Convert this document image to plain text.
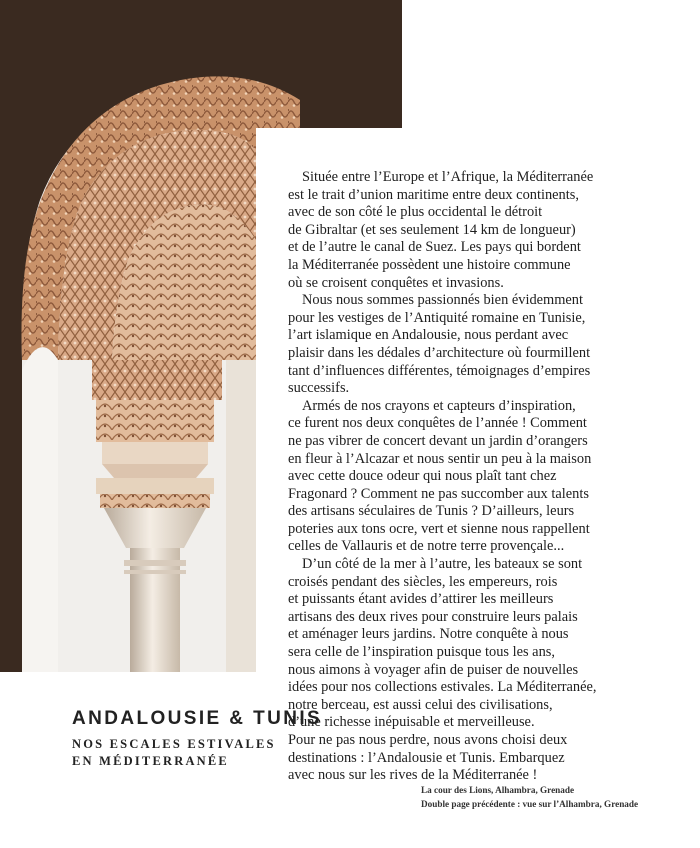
Située entre l’Europe et l’Afrique, la Méditerranée
est le trait d’union maritime entre deux continents,
avec de son côté le plus occidental le détroit
de Gibraltar (et ses seulement 14 km de longueur)
et de l’autre le canal de Suez. Les pays qui bordent
la Méditerranée possèdent une histoire commune
où se croisent conquêtes et invasions.

Nous nous sommes passionnés bien évidemment
pour les vestiges de l’Antiquité romaine en Tunisie,
l’art islamique en Andalousie, nous perdant avec
plaisir dans les dédales d’architecture où fourmillent
tant d’influences différentes, témoignages d’empires
successifs.

Armés de nos crayons et capteurs d’inspiration,
ce furent nos deux conquêtes de l’année ! Comment
ne pas vibrer de concert devant un jardin d’orangers
en fleur à l’Alcazar et nous sentir un peu à la maison
avec cette douce odeur qui nous plaît tant chez
Fragonard ? Comment ne pas succomber aux talents
des artisans séculaires de Tunis ? D’ailleurs, leurs
poteries aux tons ocre, vert et sienne nous rappellent
celles de Vallauris et de notre terre provençale...

D’un côté de la mer à l’autre, les bateaux se sont
croisés pendant des siècles, les empereurs, rois
et puissants étant avides d’attirer les meilleurs
artisans des deux rives pour construire leurs palais
et aménager leurs jardins. Notre conquête à nous
sera celle de l’inspiration puisque tous les ans,
nous aimons à voyager afin de puiser de nouvelles
idées pour nos collections estivales. La Méditerranée,
notre berceau, est aussi celui des civilisations,
d’une richesse inépuisable et merveilleuse.

Pour ne pas nous perdre, nous avons choisi deux
destinations : l’Andalousie et Tunis. Embarquez
avec nous sur les rives de la Méditerranée !

ANDALOUSIE & TUNIS
NOS ESCALES ESTIVALES
EN MÉDITERRANÉE

La cour des Lions, Alhambra, Grenade
Double page précédente : vue sur l’Alhambra, Grenade
